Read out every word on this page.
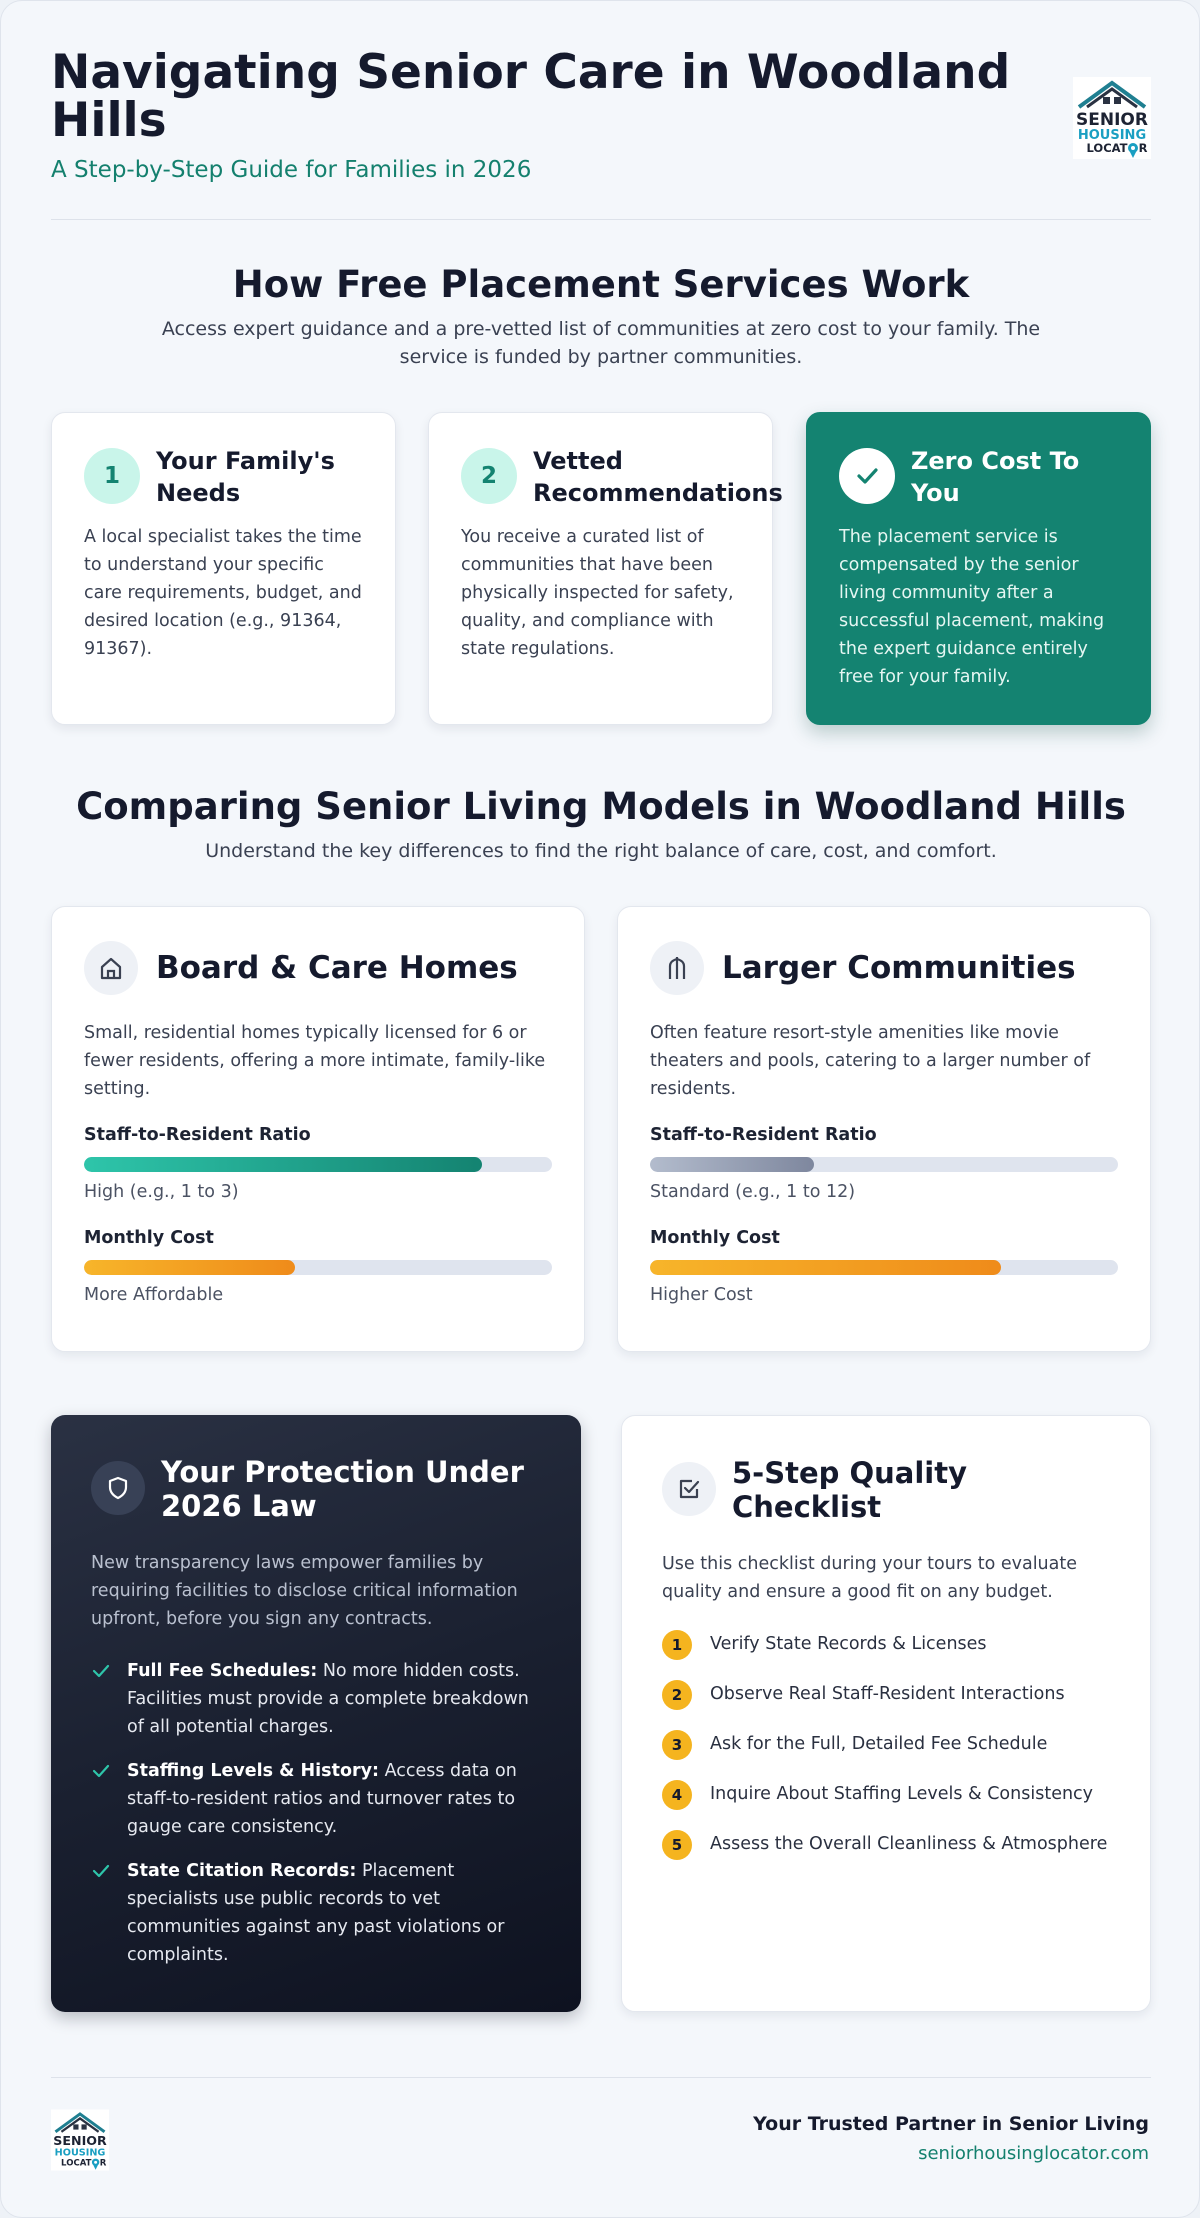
Navigating Senior Care in Woodland Hills
A Step-by-Step Guide for Families in 2026
SENIOR
HOUSING
LOCAT R
How Free Placement Services Work

Access expert guidance and a pre-vetted list of communities at zero cost to your family. The service is funded by partner communities.

1
Your Family's Needs

A local specialist takes the time to understand your specific care requirements, budget, and desired location (e.g., 91364, 91367).

2
Vetted Recommendations

You receive a curated list of communities that have been physically inspected for safety, quality, and compliance with state regulations.

Zero Cost To You

The placement service is compensated by the senior living community after a successful placement, making the expert guidance entirely free for your family.

Comparing Senior Living Models in Woodland Hills

Understand the key differences to find the right balance of care, cost, and comfort.

Board & Care Homes

Small, residential homes typically licensed for 6 or fewer residents, offering a more intimate, family-like setting.

Staff-to-Resident Ratio
High (e.g., 1 to 3)
Monthly Cost
More Affordable
Larger Communities

Often feature resort-style amenities like movie theaters and pools, catering to a larger number of residents.

Staff-to-Resident Ratio
Standard (e.g., 1 to 12)
Monthly Cost
Higher Cost
Your Protection Under 2026 Law

New transparency laws empower families by requiring facilities to disclose critical information upfront, before you sign any contracts.

Full Fee Schedules: No more hidden costs. Facilities must provide a complete breakdown of all potential charges.
Staffing Levels & History: Access data on staff-to-resident ratios and turnover rates to gauge care consistency.
State Citation Records: Placement specialists use public records to vet communities against any past violations or complaints.
5-Step Quality Checklist

Use this checklist during your tours to evaluate quality and ensure a good fit on any budget.

1	Verify State Records & Licenses
2	Observe Real Staff-Resident Interactions
3	Ask for the Full, Detailed Fee Schedule
4	Inquire About Staffing Levels & Consistency
5	Assess the Overall Cleanliness & Atmosphere
SENIOR
HOUSING
LOCAT R
Your Trusted Partner in Senior Living
seniorhousinglocator.com
